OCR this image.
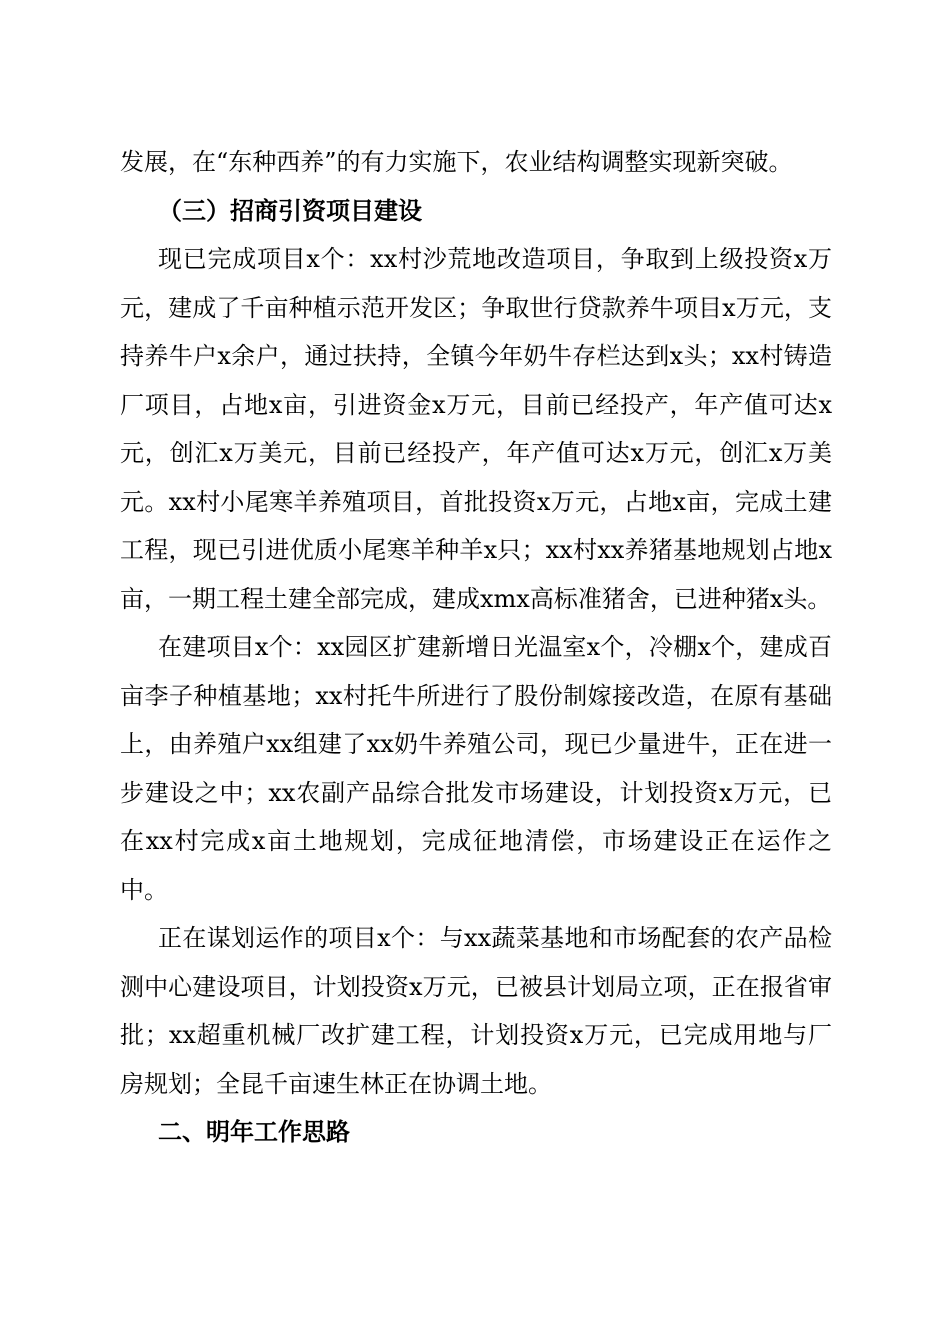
发展，在“东种西养”的有力实施下，农业结构调整实现新突破。

（三）招商引资项目建设

现已完成项目x个：xx村沙荒地改造项目，争取到上级投资x万元，建成了千亩种植示范开发区；争取世行贷款养牛项目x万元，支持养牛户x余户，通过扶持，全镇今年奶牛存栏达到x头；xx村铸造厂项目，占地x亩，引进资金x万元，目前已经投产，年产值可达x元，创汇x万美元，目前已经投产，年产值可达x万元，创汇x万美元。xx村小尾寒羊养殖项目，首批投资x万元，占地x亩，完成土建工程，现已引进优质小尾寒羊种羊x只；xx村xx养猪基地规划占地x亩，一期工程土建全部完成，建成xmx高标准猪舍，已进种猪x头。

在建项目x个：xx园区扩建新增日光温室x个，冷棚x个，建成百亩李子种植基地；xx村托牛所进行了股份制嫁接改造，在原有基础上，由养殖户xx组建了xx奶牛养殖公司，现已少量进牛，正在进一步建设之中；xx农副产品综合批发市场建设，计划投资x万元，已在xx村完成x亩土地规划，完成征地清偿，市场建设正在运作之中。

正在谋划运作的项目x个：与xx蔬菜基地和市场配套的农产品检测中心建设项目，计划投资x万元，已被县计划局立项，正在报省审批；xx超重机械厂改扩建工程，计划投资x万元，已完成用地与厂房规划；全昆千亩速生林正在协调土地。

二、明年工作思路
